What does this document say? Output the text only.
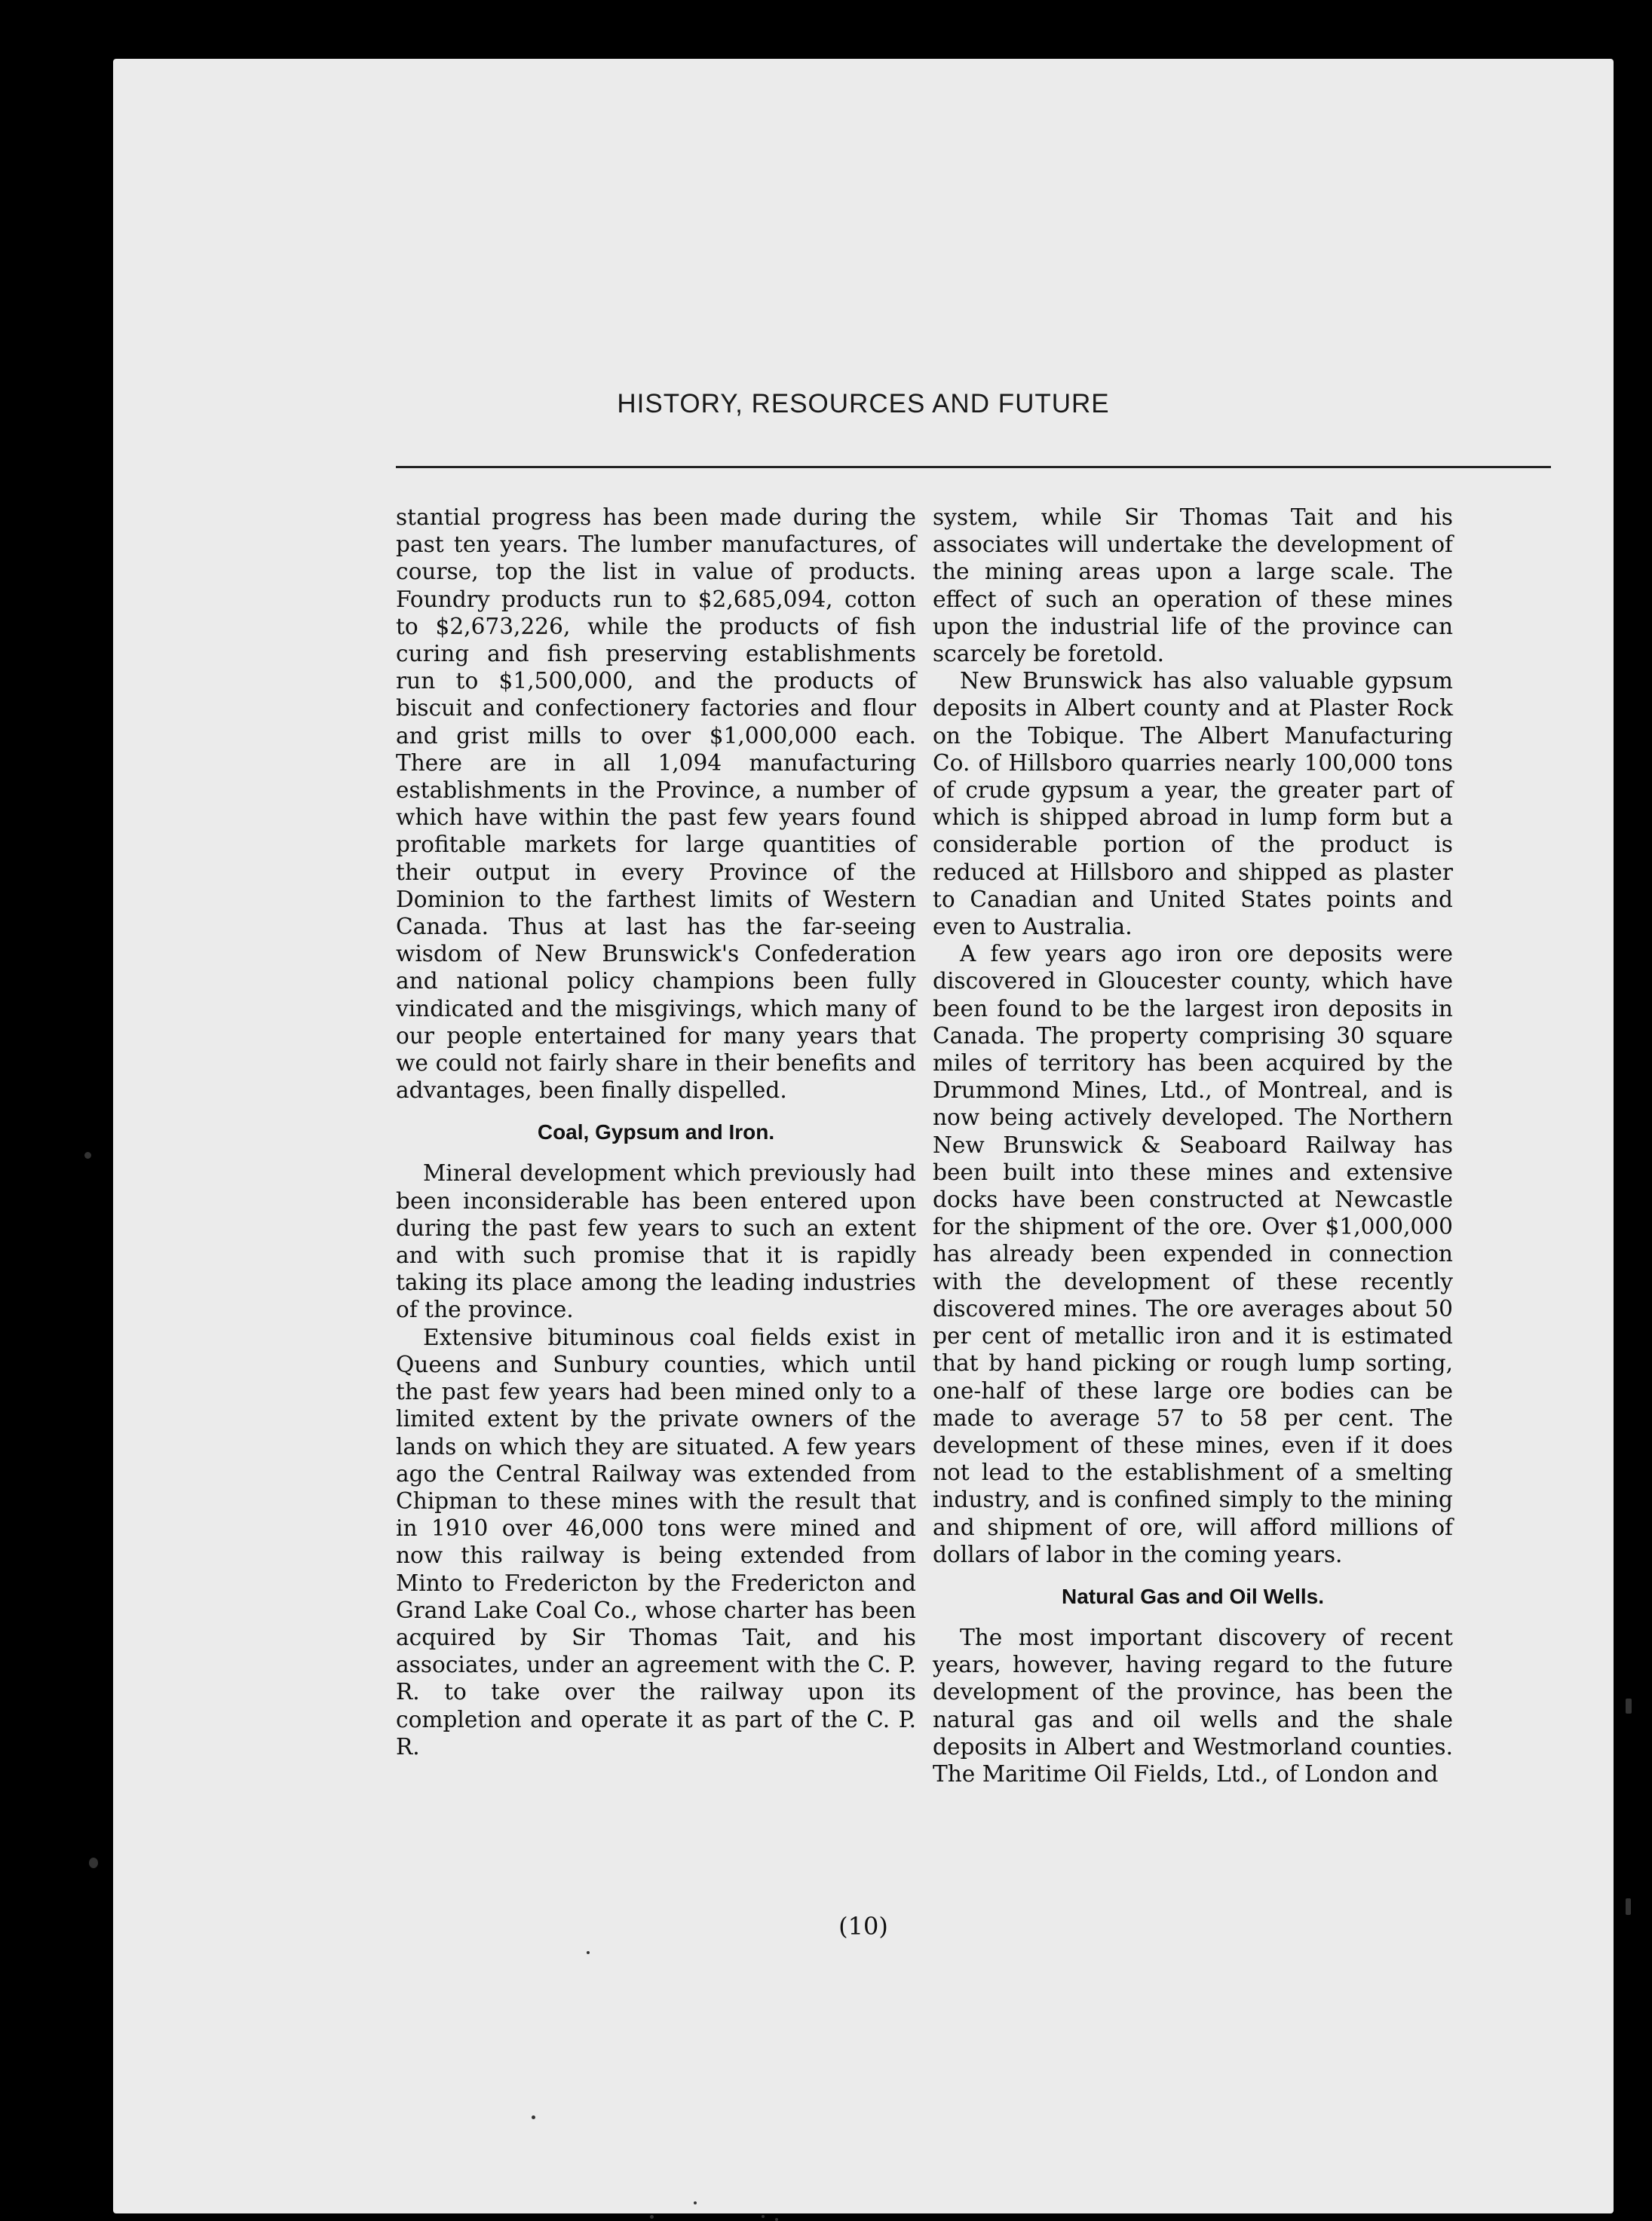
HISTORY, RESOURCES AND FUTURE

stantial progress has been made during the past ten years. The lumber manufactures, of course, top the list in value of products. Foundry products run to $2,685,094, cotton to $2,673,226, while the products of fish curing and fish preserving establishments run to $1,500,000, and the products of biscuit and confectionery factories and flour and grist mills to over $1,000,000 each. There are in all 1,094 manufacturing establishments in the Province, a number of which have within the past few years found profitable markets for large quantities of their output in every Province of the Dominion to the farthest limits of Western Canada. Thus at last has the far-seeing wisdom of New Brunswick's Confederation and national policy champions been fully vindicated and the misgivings, which many of our people entertained for many years that we could not fairly share in their benefits and advantages, been finally dispelled.

Coal, Gypsum and Iron.

Mineral development which previously had been inconsiderable has been entered upon during the past few years to such an extent and with such promise that it is rapidly taking its place among the leading industries of the province.

Extensive bituminous coal fields exist in Queens and Sunbury counties, which until the past few years had been mined only to a limited extent by the private owners of the lands on which they are situated. A few years ago the Central Railway was extended from Chipman to these mines with the result that in 1910 over 46,000 tons were mined and now this railway is being extended from Minto to Fredericton by the Fredericton and Grand Lake Coal Co., whose charter has been acquired by Sir Thomas Tait, and his associates, under an agreement with the C. P. R. to take over the railway upon its completion and operate it as part of the C. P. R.

system, while Sir Thomas Tait and his associates will undertake the development of the mining areas upon a large scale. The effect of such an operation of these mines upon the industrial life of the province can scarcely be foretold.

New Brunswick has also valuable gypsum deposits in Albert county and at Plaster Rock on the Tobique. The Albert Manufacturing Co. of Hillsboro quarries nearly 100,000 tons of crude gypsum a year, the greater part of which is shipped abroad in lump form but a considerable portion of the product is reduced at Hillsboro and shipped as plaster to Canadian and United States points and even to Australia.

A few years ago iron ore deposits were discovered in Gloucester county, which have been found to be the largest iron deposits in Canada. The property comprising 30 square miles of territory has been acquired by the Drummond Mines, Ltd., of Montreal, and is now being actively developed. The Northern New Brunswick & Seaboard Railway has been built into these mines and extensive docks have been constructed at Newcastle for the shipment of the ore. Over $1,000,000 has already been expended in connection with the development of these recently discovered mines. The ore averages about 50 per cent of metallic iron and it is estimated that by hand picking or rough lump sorting, one-half of these large ore bodies can be made to average 57 to 58 per cent. The development of these mines, even if it does not lead to the establishment of a smelting industry, and is confined simply to the mining and shipment of ore, will afford millions of dollars of labor in the coming years.

Natural Gas and Oil Wells.

The most important discovery of recent years, however, having regard to the future development of the province, has been the natural gas and oil wells and the shale deposits in Albert and Westmorland counties. The Maritime Oil Fields, Ltd., of London and

(10)
